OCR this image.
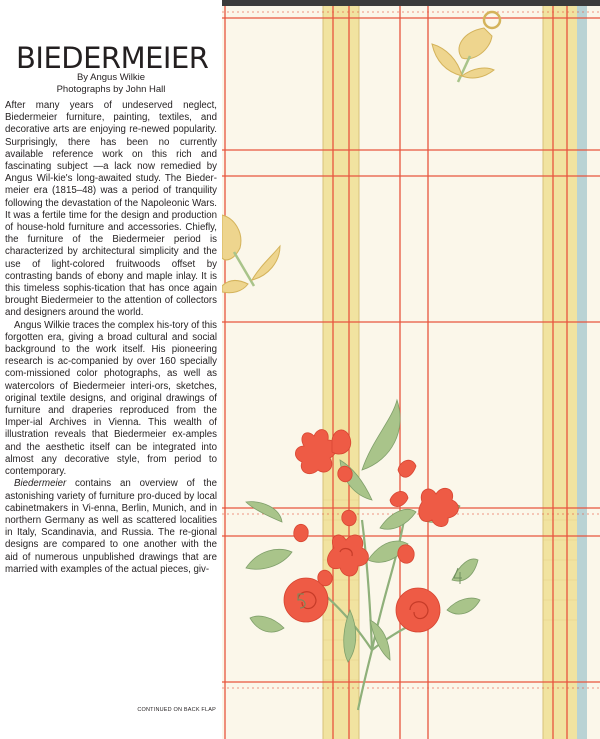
BIEDERMEIER
By Angus Wilkie
Photographs by John Hall

After many years of undeserved neglect, Biedermeier furniture, painting, textiles, and decorative arts are enjoying re-newed popularity. Surprisingly, there has been no currently available reference work on this rich and fascinating subject —a lack now remedied by Angus Wil-kie's long-awaited study. The Bieder-meier era (1815–48) was a period of tranquility following the devastation of the Napoleonic Wars. It was a fertile time for the design and production of house-hold furniture and accessories. Chiefly, the furniture of the Biedermeier period is characterized by architectural simplicity and the use of light-colored fruitwoods offset by contrasting bands of ebony and maple inlay. It is this timeless sophis-tication that has once again brought Biedermeier to the attention of collectors and designers around the world.

Angus Wilkie traces the complex his-tory of this forgotten era, giving a broad cultural and social background to the work itself. His pioneering research is ac-companied by over 160 specially com-missioned color photographs, as well as watercolors of Biedermeier interi-ors, sketches, original textile designs, and original drawings of furniture and draperies reproduced from the Imper-ial Archives in Vienna. This wealth of illustration reveals that Biedermeier ex-amples and the aesthetic itself can be integrated into almost any decorative style, from period to contemporary.

Biedermeier contains an overview of the astonishing variety of furniture pro-duced by local cabinetmakers in Vi-enna, Berlin, Munich, and in northern Germany as well as scattered localities in Italy, Scandinavia, and Russia. The re-gional designs are compared to one another with the aid of numerous unpublished drawings that are married with examples of the actual pieces, giv-

CONTINUED ON BACK FLAP
